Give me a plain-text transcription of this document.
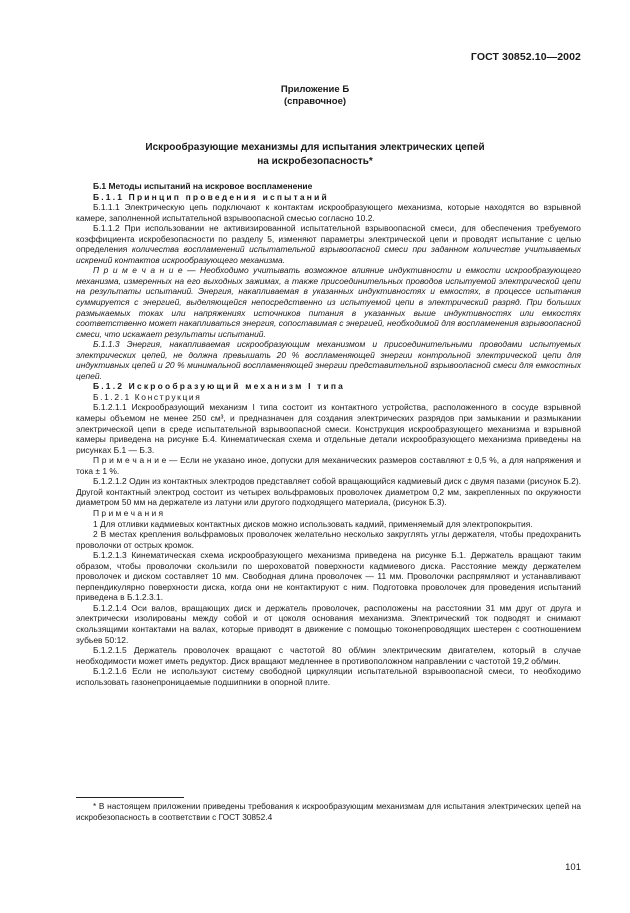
ГОСТ 30852.10—2002
Приложение Б
(справочное)
Искрообразующие механизмы для испытания электрических цепей
на искробезопасность*

Б.1 Методы испытаний на искровое воспламенение

Б.1.1 Принцип проведения испытаний

Б.1.1.1 Электрическую цепь подключают к контактам искрообразующего механизма, которые находятся во взрывной камере, заполненной испытательной взрывоопасной смесью согласно 10.2.

Б.1.1.2 При использовании не активизированной испытательной взрывоопасной смеси, для обеспечения требуемого коэффициента искробезопасности по разделу 5, изменяют параметры электрической цепи и проводят испытание с целью определения количества воспламенений испытательной взрывоопасной смеси при заданном количестве учитываемых искрений контактов искрообразующего механизма.

П р и м е ч а н и е — Необходимо учитывать возможное влияние индуктивности и емкости искрообразующего механизма, измеренных на его выходных зажимах, а также присоединительных проводов испытуемой электрической цепи на результаты испытаний. Энергия, накапливаемая в указанных индуктивностях и емкостях, в процессе испытания суммируется с энергией, выделяющейся непосредственно из испытуемой цепи в электрический разряд. При больших размыкаемых токах или напряжениях источников питания в указанных выше индуктивностях или емкостях соответственно может накапливаться энергия, сопоставимая с энергией, необходимой для воспламенения взрывоопасной смеси, что искажает результаты испытаний.

Б.1.1.3 Энергия, накапливаемая искрообразующим механизмом и присоединительными проводами испытуемых электрических цепей, не должна превышать 20 % воспламеняющей энергии контрольной электрической цепи для индуктивных цепей и 20 % минимальной воспламеняющей энергии представительной взрывоопасной смеси для емкостных цепей.

Б.1.2 Искрообразующий механизм I типа

Б.1.2.1 Конструкция

Б.1.2.1.1 Искрообразующий механизм I типа состоит из контактного устройства, расположенного в сосуде взрывной камеры объемом не менее 250 см³, и предназначен для создания электрических разрядов при замыкании и размыкании электрической цепи в среде испытательной взрывоопасной смеси. Конструкция искрообразующего механизма и взрывной камеры приведена на рисунке Б.4. Кинематическая схема и отдельные детали искрообразующего механизма приведены на рисунках Б.1 — Б.3.

П р и м е ч а н и е — Если не указано иное, допуски для механических размеров составляют ± 0,5 %, а для напряжения и тока ± 1 %.

Б.1.2.1.2 Один из контактных электродов представляет собой вращающийся кадмиевый диск с двумя пазами (рисунок Б.2). Другой контактный электрод состоит из четырех вольфрамовых проволочек диаметром 0,2 мм, закрепленных по окружности диаметром 50 мм на держателе из латуни или другого подходящего материала, (рисунок Б.3).

П р и м е ч а н и я

1 Для отливки кадмиевых контактных дисков можно использовать кадмий, применяемый для электропокрытия.

2 В местах крепления вольфрамовых проволочек желательно несколько закруглять углы держателя, чтобы предохранить проволочки от острых кромок.

Б.1.2.1.3 Кинематическая схема искрообразующего механизма приведена на рисунке Б.1. Держатель вращают таким образом, чтобы проволочки скользили по шероховатой поверхности кадмиевого диска. Расстояние между держателем проволочек и диском составляет 10 мм. Свободная длина проволочек — 11 мм. Проволочки распрямляют и устанавливают перпендикулярно поверхности диска, когда они не контактируют с ним. Подготовка проволочек для проведения испытаний приведена в Б.1.2.3.1.

Б.1.2.1.4 Оси валов, вращающих диск и держатель проволочек, расположены на расстоянии 31 мм друг от друга и электрически изолированы между собой и от цоколя основания механизма. Электрический ток подводят и снимают скользящими контактами на валах, которые приводят в движение с помощью токонепроводящих шестерен с соотношением зубьев 50:12.

Б.1.2.1.5 Держатель проволочек вращают с частотой 80 об/мин электрическим двигателем, который в случае необходимости может иметь редуктор. Диск вращают медленнее в противоположном направлении с частотой 19,2 об/мин.

Б.1.2.1.6 Если не используют систему свободной циркуляции испытательной взрывоопасной смеси, то необходимо использовать газонепроницаемые подшипники в опорной плите.

* В настоящем приложении приведены требования к искрообразующим механизмам для испытания электрических цепей на искробезопасность в соответствии с ГОСТ 30852.4

101
